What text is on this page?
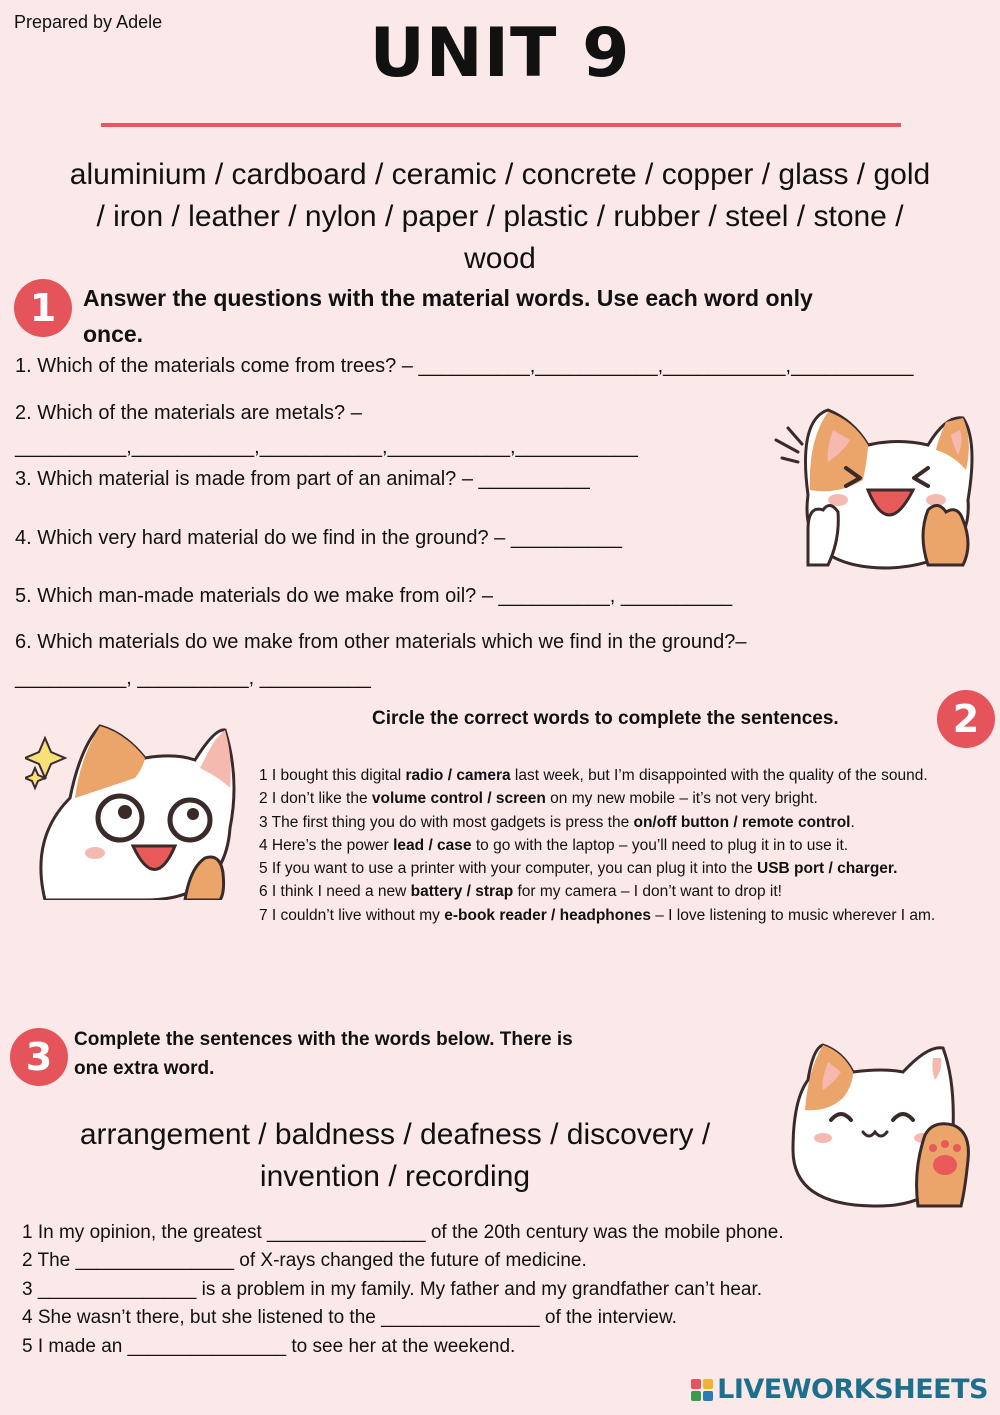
Prepared by Adele	UNIT 9
aluminium / cardboard / ceramic / concrete / copper / glass / gold
/ iron / leather / nylon / paper / plastic / rubber / steel / stone /
wood
1	Answer the questions with the material words. Use each word only
once.
1. Which of the materials come from trees? – __________,___________,___________,___________
2. Which of the materials are metals? –
__________,___________,___________,___________,___________
3. Which material is made from part of an animal? – __________
4. Which very hard material do we find in the ground? – __________
5. Which man-made materials do we make from oil? – __________, __________
6. Which materials do we make from other materials which we find in the ground?–
__________, __________, __________
Circle the correct words to complete the sentences.	2
1 I bought this digital radio / camera last week, but I’m disappointed with the quality of the sound.
2 I don’t like the volume control / screen on my new mobile – it’s not very bright.
3 The first thing you do with most gadgets is press the on/off button / remote control.
4 Here’s the power lead / case to go with the laptop – you’ll need to plug it in to use it.
5 If you want to use a printer with your computer, you can plug it into the USB port / charger.
6 I think I need a new battery / strap for my camera – I don’t want to drop it!
7 I couldn’t live without my e-book reader / headphones – I love listening to music wherever I am.
3	Complete the sentences with the words below. There is
one extra word.
arrangement / baldness / deafness / discovery /
invention / recording
1 In my opinion, the greatest _______________ of the 20th century was the mobile phone.
2 The _______________ of X-rays changed the future of medicine.
3 _______________ is a problem in my family. My father and my grandfather can’t hear.
4 She wasn’t there, but she listened to the _______________ of the interview.
5 I made an _______________ to see her at the weekend.
LIVEWORKSHEETS
